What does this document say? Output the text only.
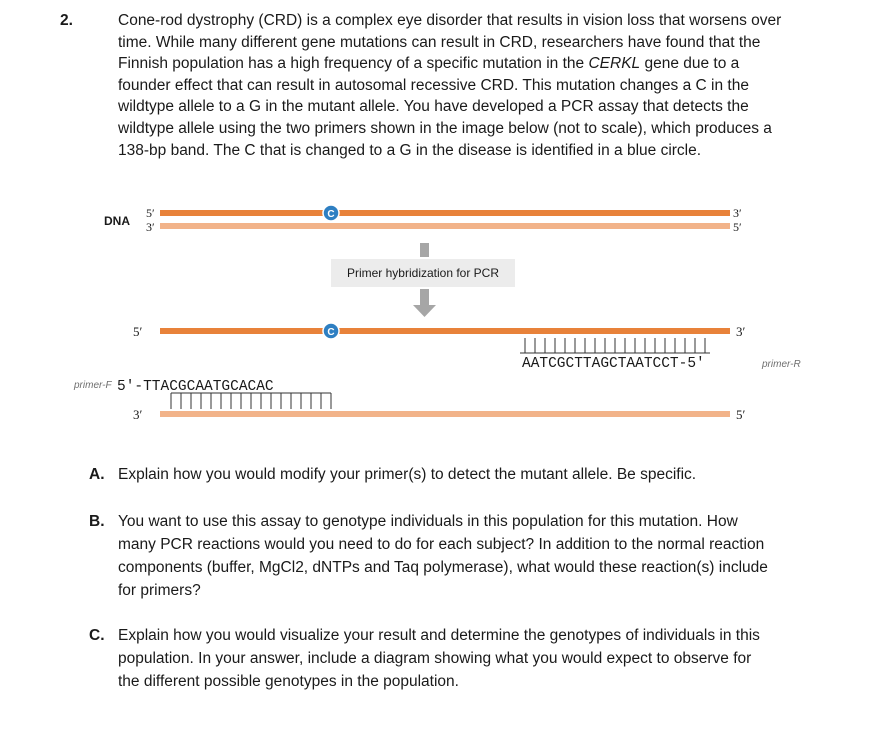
2.	Cone-rod dystrophy (CRD) is a complex eye disorder that results in vision loss that worsens over
time. While many different gene mutations can result in CRD, researchers have found that the
Finnish population has a high frequency of a specific mutation in the CERKL gene due to a
founder effect that can result in autosomal recessive CRD. This mutation changes a C in the
wildtype allele to a G in the mutant allele. You have developed a PCR assay that detects the
wildtype allele using the two primers shown in the image below (not to scale), which produces a
138-bp band. The C that is changed to a G in the disease is identified in a blue circle.
DNA
5′
3′
3′
5′
C
Primer hybridization for PCR
5′	3′
C
AATCGCTTAGCTAATCCT-5′	primer-R
primer-F 5′-TTACGCAATGCACAC
3′	5′
A. Explain how you would modify your primer(s) to detect the mutant allele. Be specific.
B. You want to use this assay to genotype individuals in this population for this mutation. How
many PCR reactions would you need to do for each subject? In addition to the normal reaction
components (buffer, MgCl2, dNTPs and Taq polymerase), what would these reaction(s) include
for primers?
C. Explain how you would visualize your result and determine the genotypes of individuals in this
population. In your answer, include a diagram showing what you would expect to observe for
the different possible genotypes in the population.
